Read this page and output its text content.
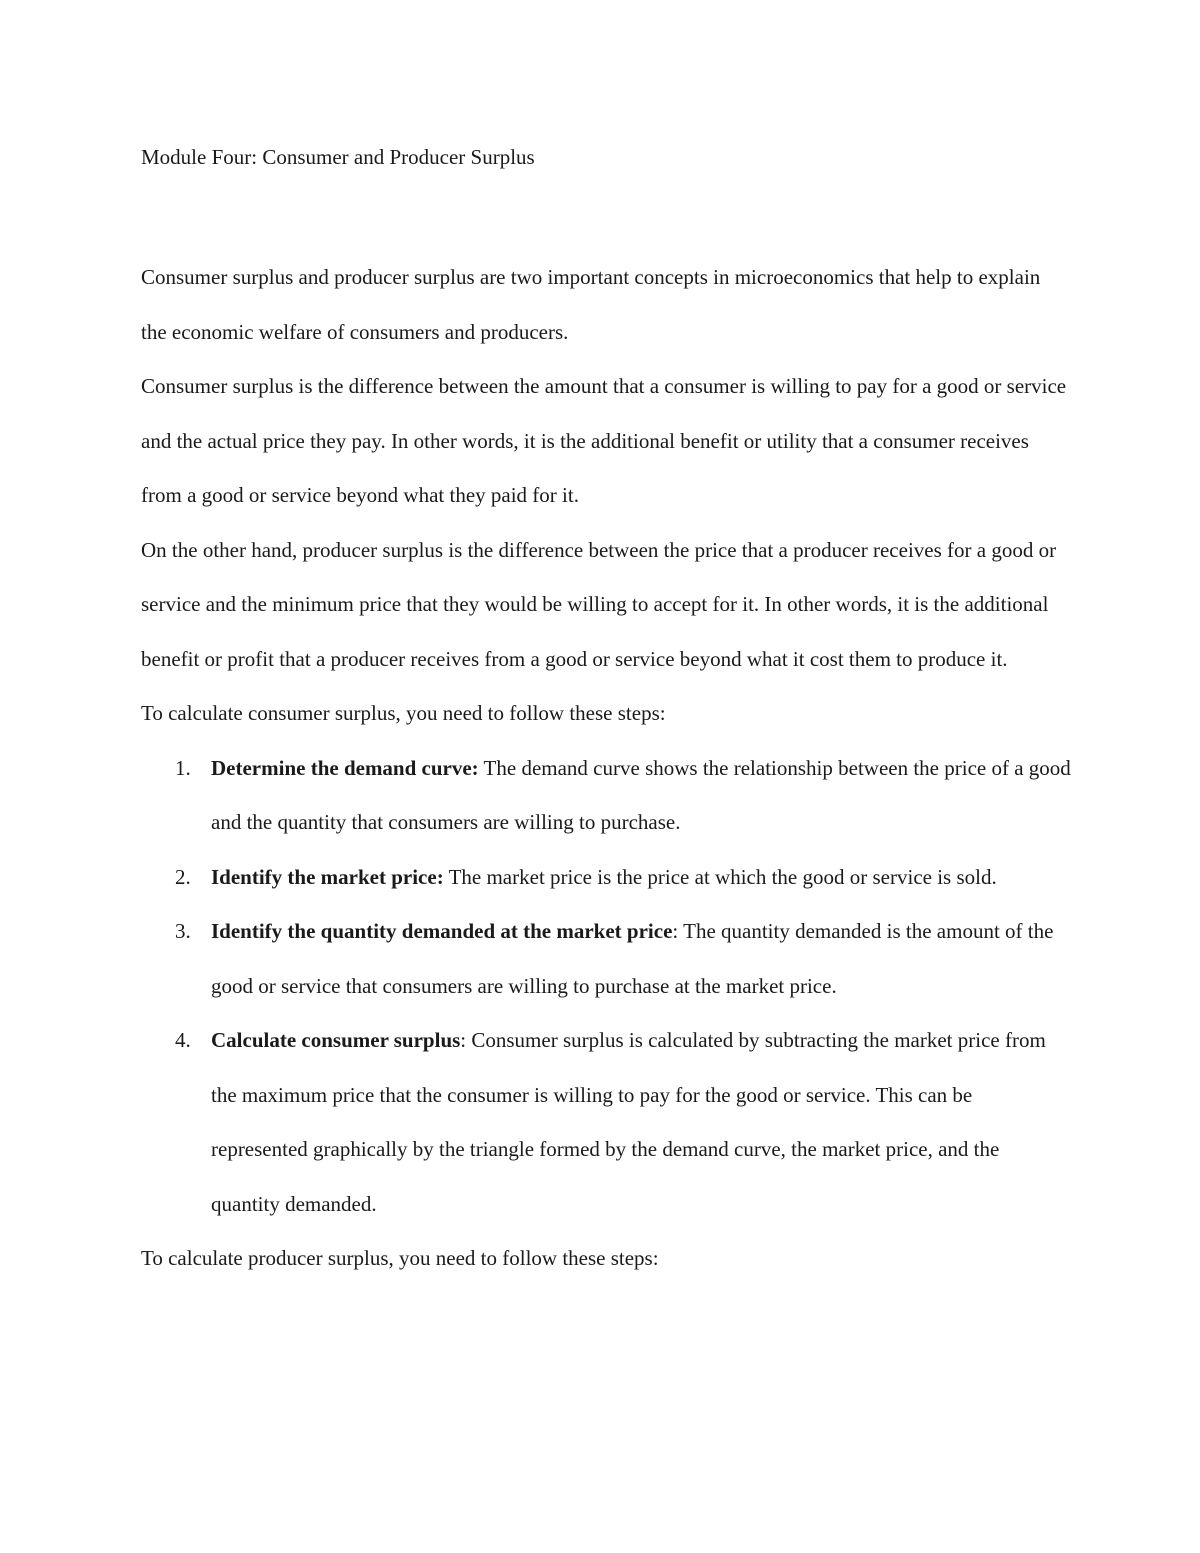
Module Four: Consumer and Producer Surplus

Consumer surplus and producer surplus are two important concepts in microeconomics that help to explain the economic welfare of consumers and producers.

Consumer surplus is the difference between the amount that a consumer is willing to pay for a good or service and the actual price they pay. In other words, it is the additional benefit or utility that a consumer receives from a good or service beyond what they paid for it.

On the other hand, producer surplus is the difference between the price that a producer receives for a good or service and the minimum price that they would be willing to accept for it. In other words, it is the additional benefit or profit that a producer receives from a good or service beyond what it cost them to produce it.

To calculate consumer surplus, you need to follow these steps:

Determine the demand curve: The demand curve shows the relationship between the price of a good and the quantity that consumers are willing to purchase.
Identify the market price: The market price is the price at which the good or service is sold.
Identify the quantity demanded at the market price: The quantity demanded is the amount of the good or service that consumers are willing to purchase at the market price.
Calculate consumer surplus: Consumer surplus is calculated by subtracting the market price from the maximum price that the consumer is willing to pay for the good or service. This can be represented graphically by the triangle formed by the demand curve, the market price, and the quantity demanded.

To calculate producer surplus, you need to follow these steps:
